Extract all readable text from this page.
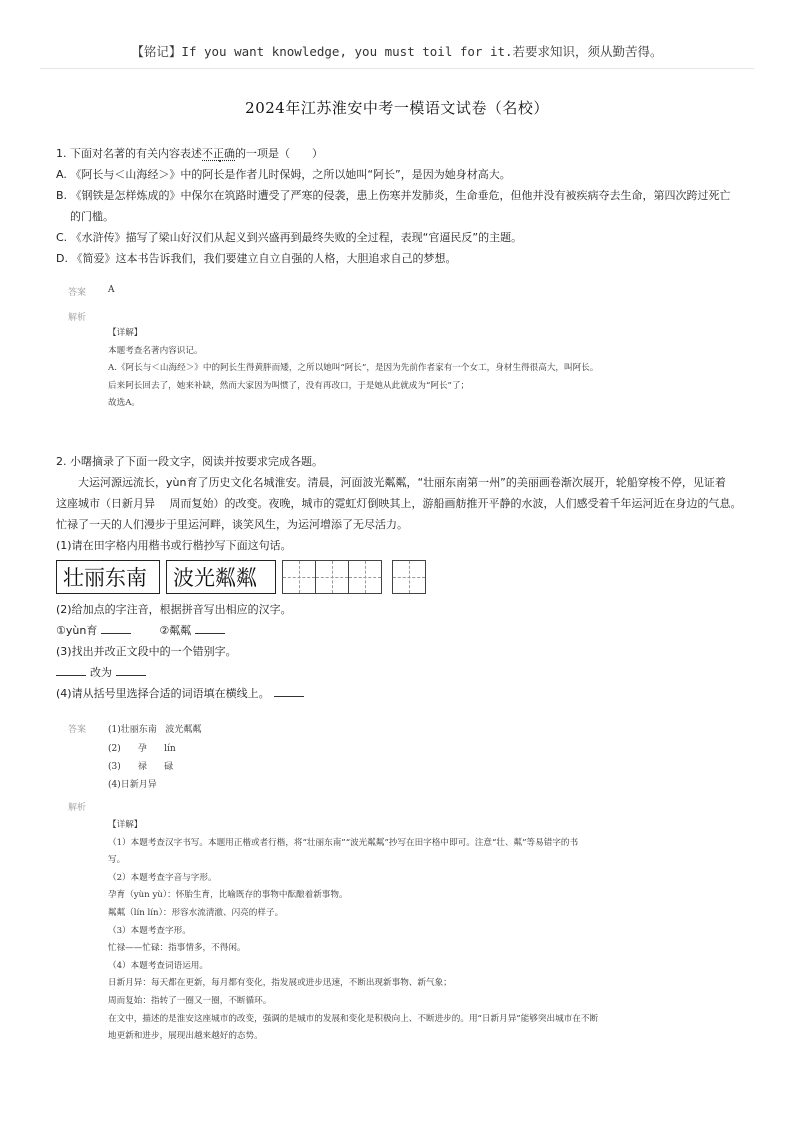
【铭记】If you want knowledge, you must toil for it.若要求知识，须从勤苦得。
2024年江苏淮安中考一模语文试卷（名校）

1. 下面对名著的有关内容表述不正确的一项是（　　）

A. 《阿长与＜山海经＞》中的阿长是作者儿时保姆，之所以她叫“阿长”，是因为她身材高大。

B. 《钢铁是怎样炼成的》中保尔在筑路时遭受了严寒的侵袭，患上伤寒并发肺炎，生命垂危，但他并没有被疾病夺去生命，第四次跨过死亡

的门槛。

C. 《水浒传》描写了梁山好汉们从起义到兴盛再到最终失败的全过程，表现“官逼民反”的主题。

D. 《简爱》这本书告诉我们，我们要建立自立自强的人格，大胆追求自己的梦想。

答案 A
解析

【详解】

本题考查名著内容识记。

A.《阿长与＜山海经＞》中的阿长生得黄胖而矮，之所以她叫“阿长”，是因为先前作者家有一个女工，身材生得很高大，叫阿长。

后来阿长回去了，她来补缺，然而大家因为叫惯了，没有再改口，于是她从此就成为“阿长”了；

故选A。

2. 小曙摘录了下面一段文字，阅读并按要求完成各题。

大运河源远流长，yùn育了历史文化名城淮安。清晨，河面波光粼粼，“壮丽东南第一州”的美丽画卷渐次展开，轮船穿梭不停，见证着

这座城市（日新月异　 周而复始）的改变。夜晚，城市的霓虹灯倒映其上，游船画舫推开平静的水波，人们感受着千年运河近在身边的气息。

忙禄了一天的人们漫步于里运河畔，谈笑风生，为运河增添了无尽活力。

(1)请在田字格内用楷书或行楷抄写下面这句话。

壮丽东南	波光粼粼

(2)给加点的字注音，根据拼音写出相应的汉字。

①yùn育	②粼粼

(3)找出并改正文段中的一个错别字。

改为

(4)请从括号里选择合适的词语填在横线上。

答案 (1)壮丽东南   波光粼粼
(2)      孕      lín
(3)      禄      碌
(4)日新月异
解析

【详解】

（1）本题考查汉字书写。本题用正楷或者行楷，将“壮丽东南”“波光粼粼”抄写在田字格中即可。注意“壮、粼”等易错字的书

写。

（2）本题考查字音与字形。

孕育（yùn yù）：怀胎生育，比喻既存的事物中酝酿着新事物。

粼粼（lín lín）：形容水流清澈、闪亮的样子。

（3）本题考查字形。

忙禄——忙碌：指事情多，不得闲。

（4）本题考查词语运用。

日新月异：每天都在更新，每月都有变化，指发展或进步迅速，不断出现新事物、新气象；

周而复始：指转了一圈又一圈，不断循环。

在文中，描述的是淮安这座城市的改变，强调的是城市的发展和变化是积极向上、不断进步的。用“日新月异”能够突出城市在不断

地更新和进步，展现出越来越好的态势。
